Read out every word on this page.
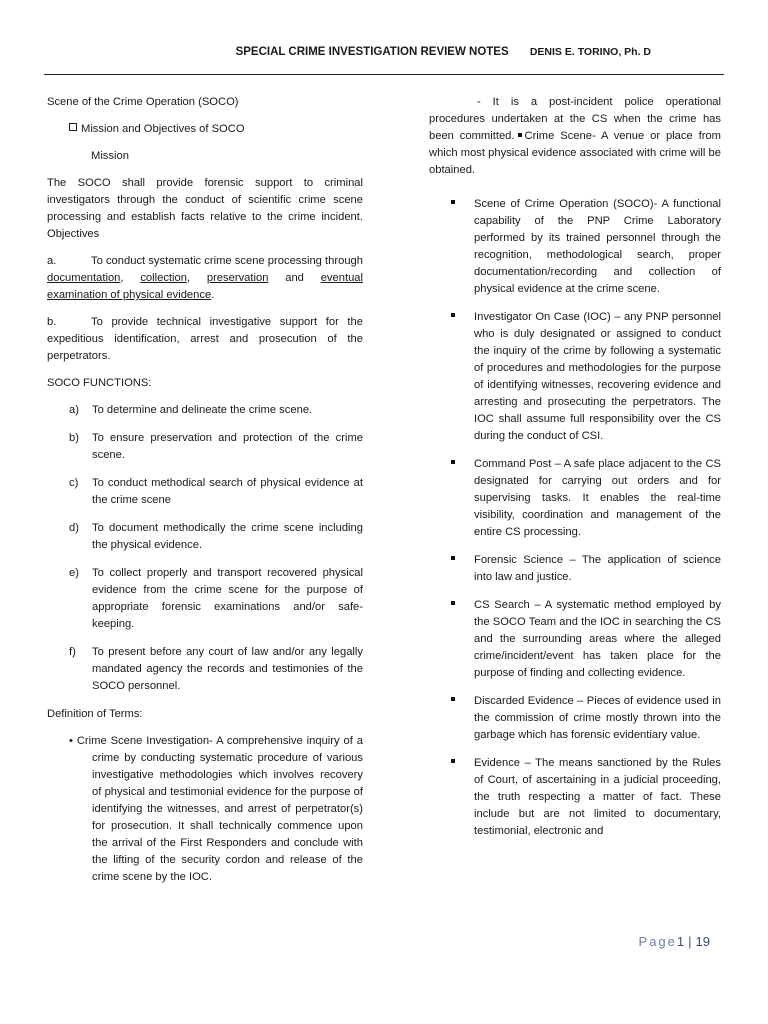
SPECIAL CRIME INVESTIGATION REVIEW NOTES DENIS E. TORINO, Ph. D

Scene of the Crime Operation (SOCO)

Mission and Objectives of SOCO

Mission

The SOCO shall provide forensic support to criminal investigators through the conduct of scientific crime scene processing and establish facts relative to the crime incident. Objectives

a.	To conduct systematic crime scene processing through documentation, collection, preservation and eventual examination of physical evidence.

b.	To provide technical investigative support for the expeditious identification, arrest and prosecution of the perpetrators.

SOCO FUNCTIONS:

a)	To determine and delineate the crime scene.
b)	To ensure preservation and protection of the crime scene.
c)	To conduct methodical search of physical evidence at the crime scene
d)	To document methodically the crime scene including the physical evidence.
e)	To collect properly and transport recovered physical evidence from the crime scene for the purpose of appropriate forensic examinations and/or safe-keeping.
f)	To present before any court of law and/or any legally mandated agency the records and testimonies of the SOCO personnel.

Definition of Terms:

• Crime Scene Investigation- A comprehensive inquiry of a crime by conducting systematic procedure of various investigative methodologies which involves recovery of physical and testimonial evidence for the purpose of identifying the witnesses, and arrest of perpetrator(s) for prosecution. It shall technically commence upon the arrival of the First Responders and conclude with the lifting of the security cordon and release of the crime scene by the IOC.

- It is a post-incident police operational procedures undertaken at the CS when the crime has been committed. Crime Scene- A venue or place from which most physical evidence associated with crime will be obtained.

Scene of Crime Operation (SOCO)- A functional capability of the PNP Crime Laboratory performed by its trained personnel through the recognition, methodological search, proper documentation/recording and collection of physical evidence at the crime scene.
Investigator On Case (IOC) – any PNP personnel who is duly designated or assigned to conduct the inquiry of the crime by following a systematic of procedures and methodologies for the purpose of identifying witnesses, recovering evidence and arresting and prosecuting the perpetrators. The IOC shall assume full responsibility over the CS during the conduct of CSI.
Command Post – A safe place adjacent to the CS designated for carrying out orders and for supervising tasks. It enables the real-time visibility, coordination and management of the entire CS processing.
Forensic Science – The application of science into law and justice.
CS Search – A systematic method employed by the SOCO Team and the IOC in searching the CS and the surrounding areas where the alleged crime/incident/event has taken place for the purpose of finding and collecting evidence.
Discarded Evidence – Pieces of evidence used in the commission of crime mostly thrown into the garbage which has forensic evidentiary value.
Evidence – The means sanctioned by the Rules of Court, of ascertaining in a judicial proceeding, the truth respecting a matter of fact. These include but are not limited to documentary, testimonial, electronic and
Page1 | 19
